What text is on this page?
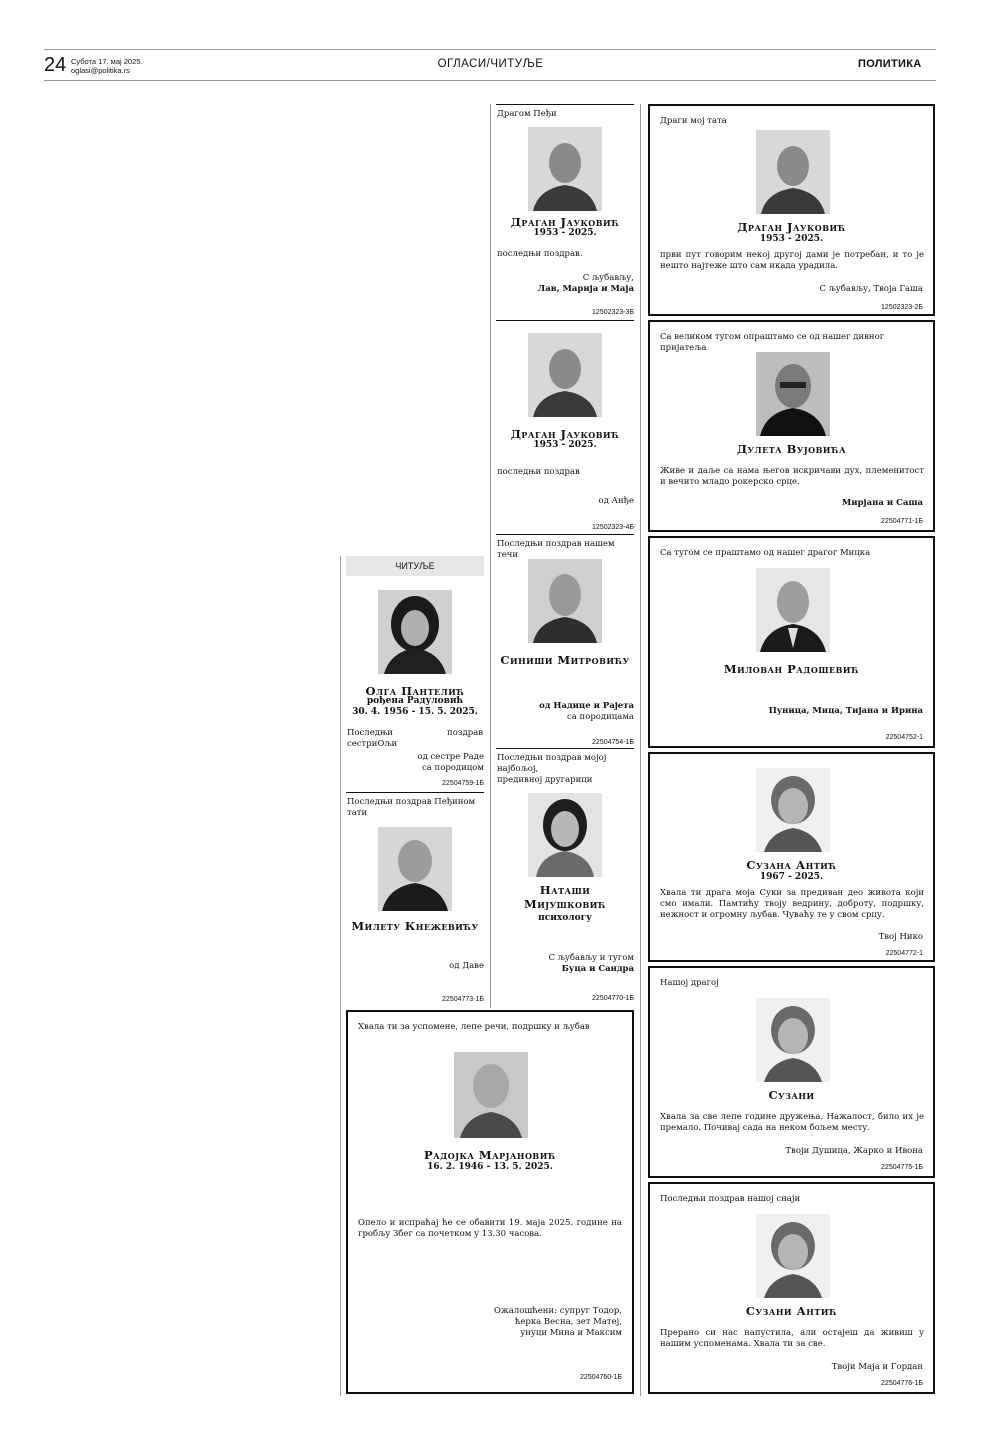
24 Субота 17. мај 2025.
oglasi@politika.rs
ОГЛАСИ/ЧИТУЉЕ	ПОЛИТИКА
Драгом Пеђи
Драган Јауковић
1953 - 2025.
последњи поздрав.
С љубављу,
Лав, Марија и Маја
12502323-3Б
Драган Јауковић
1953 - 2025.
последњи поздрав
од Анђе
12502323-4Б
Последњи поздрав нашем течи
Синиши Митровићу
од Надице и Рајета
са породицама
22504754-1Б
Последњи поздрав мојој најбољој,
предивној другарици
Наташи
Мијушковић
психологу
С љубављу и тугом
Буца и Сандра
22504770-1Б
ЧИТУЉЕ
Олга Пантелић
рођена Радуловић
30. 4. 1956 - 15. 5. 2025.
Последњи поздрав сестриОљи
од сестре Раде
са породицом
22504759-1Б
Последњи поздрав Пеђином тати
Милету Кнежевићу
од Даве
22504773-1Б
Хвала ти за успомене, лепе речи, подршку и љубав
Радојка Марјановић
16. 2. 1946 - 13. 5. 2025.
Опело и испраћај ће се обавити 19. маја 2025. године на гробљу Збег са почетком у 13.30 часова.
Ожалошћени: супруг Тодор,
ћерка Весна, зет Матеј,
унуци Мина и Максим
22504760-1Б
Драги мој тата
Драган Јауковић
1953 - 2025.
први пут говорим некој другој дами је потребан, и то је нешто најтеже што сам икада урадила.
С љубављу, Твоја Гаша
12502323-2Б
Са великом тугом опраштамо се од нашег дивног пријатеља
Дулета Вујовића
Живе и даље са нама његов искричави дух, племенитост и вечито младо рокерско срце.
Мирјана и Саша
22504771-1Б
Са тугом се праштамо од нашег драгог Мицка
Милован Радошевић
Пуница, Мица, Тијана и Ирина
22504752-1
Сузана Антић
1967 - 2025.
Хвала ти драга моја Суки за предиван део живота који смо имали. Памтићу твоју ведрину, доброту, подршку, нежност и огромну љубав. Чуваћу те у свом срцу.
Твој Нико
22504772-1
Нашој драгој
Сузани
Хвала за све лепе године дружења. Нажалост, било их је премало. Почивај сада на неком бољем месту.
Твоји Душица, Жарко и Ивона
22504775-1Б
Последњи поздрав нашој снаји
Сузани Антић
Прерано си нас напустила, али остајеш да живиш у нашим успоменама. Хвала ти за све.
Твоји Маја и Гордан
22504776-1Б
